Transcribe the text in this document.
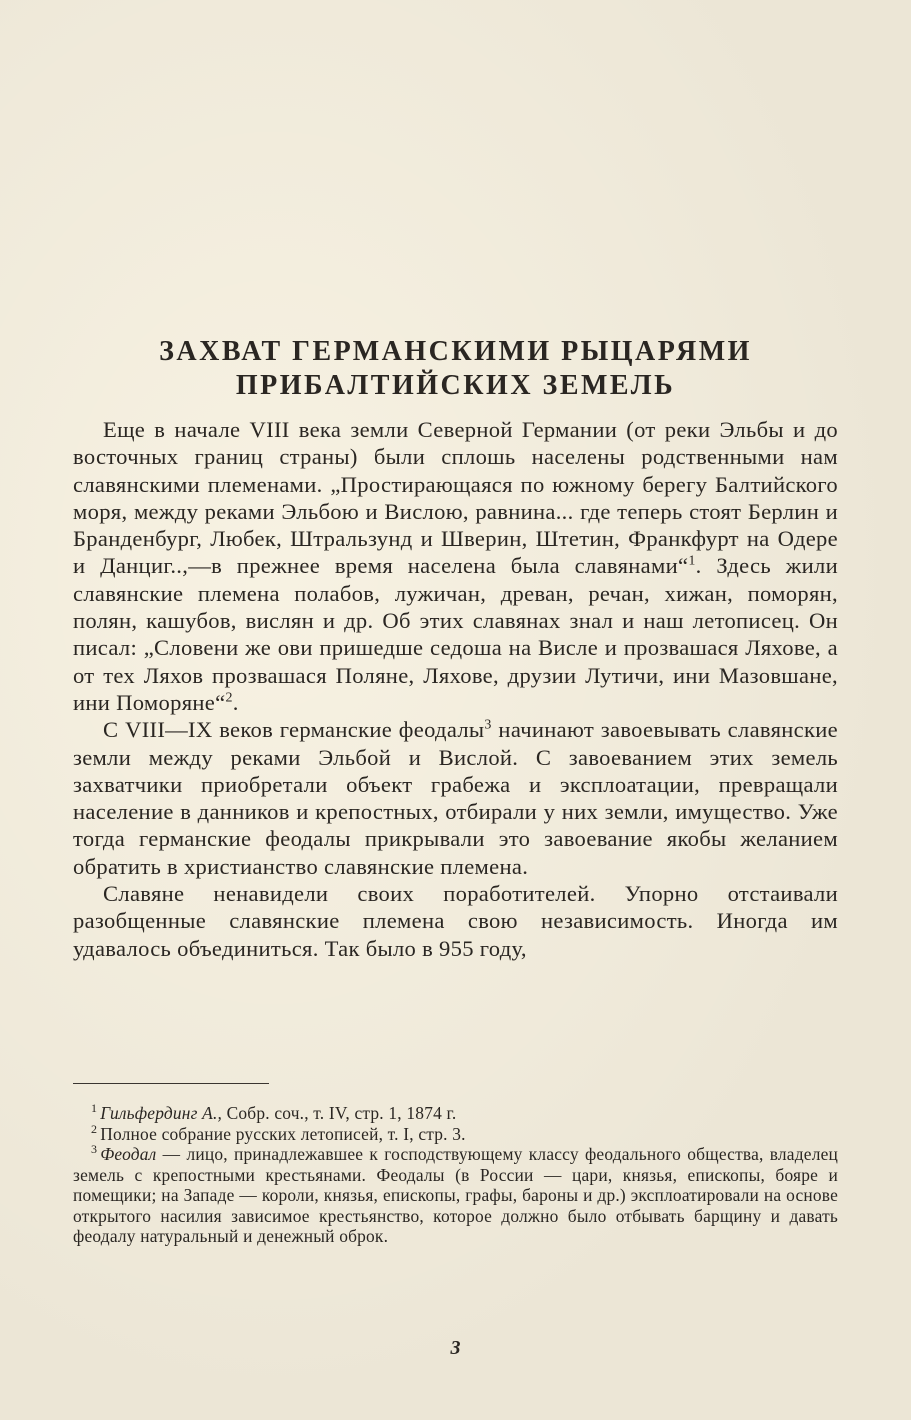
ЗАХВАТ ГЕРМАНСКИМИ РЫЦАРЯМИ
ПРИБАЛТИЙСКИХ ЗЕМЕЛЬ

Еще в начале VIII века земли Северной Германии (от реки Эльбы и до восточных границ страны) были сплошь населены родственными нам славянскими племенами. „Простирающаяся по южному берегу Балтийского моря, между реками Эльбою и Вислою, равнина... где теперь стоят Берлин и Бранденбург, Любек, Штральзунд и Шверин, Штетин, Франкфурт на Одере и Данциг..,—в прежнее время населена была славянами“$^1$. Здесь жили славянские племена полабов, лужичан, древан, речан, хижан, поморян, полян, кашубов, вислян и др. Об этих славянах знал и наш летописец. Он писал: „Словени же ови пришедше седоша на Висле и прозвашася Ляхове, а от тех Ляхов прозвашася Поляне, Ляхове, друзии Лутичи, ини Мазовшане, ини Поморяне“$^2$.

С VIII—IX веков германские феодалы$^3$ начинают завоевывать славянские земли между реками Эльбой и Вислой. С завоеванием этих земель захватчики приобретали объект грабежа и эксплоатации, превращали население в данников и крепостных, отбирали у них земли, имущество. Уже тогда германские феодалы прикрывали это завоевание якобы желанием обратить в христианство славянские племена.

Славяне ненавидели своих поработителей. Упорно отстаивали разобщенные славянские племена свою независимость. Иногда им удавалось объединиться. Так было в 955 году,

$^1$ Гильфердинг А., Собр. соч., т. IV, стр. 1, 1874 г.

$^2$ Полное собрание русских летописей, т. I, стр. 3.

$^3$ Феодал — лицо, принадлежавшее к господствующему классу феодального общества, владелец земель с крепостными крестьянами. Феодалы (в России — цари, князья, епископы, бояре и помещики; на Западе — короли, князья, епископы, графы, бароны и др.) эксплоатировали на основе открытого насилия зависимое крестьянство, которое должно было отбывать барщину и давать феодалу натуральный и денежный оброк.

3
